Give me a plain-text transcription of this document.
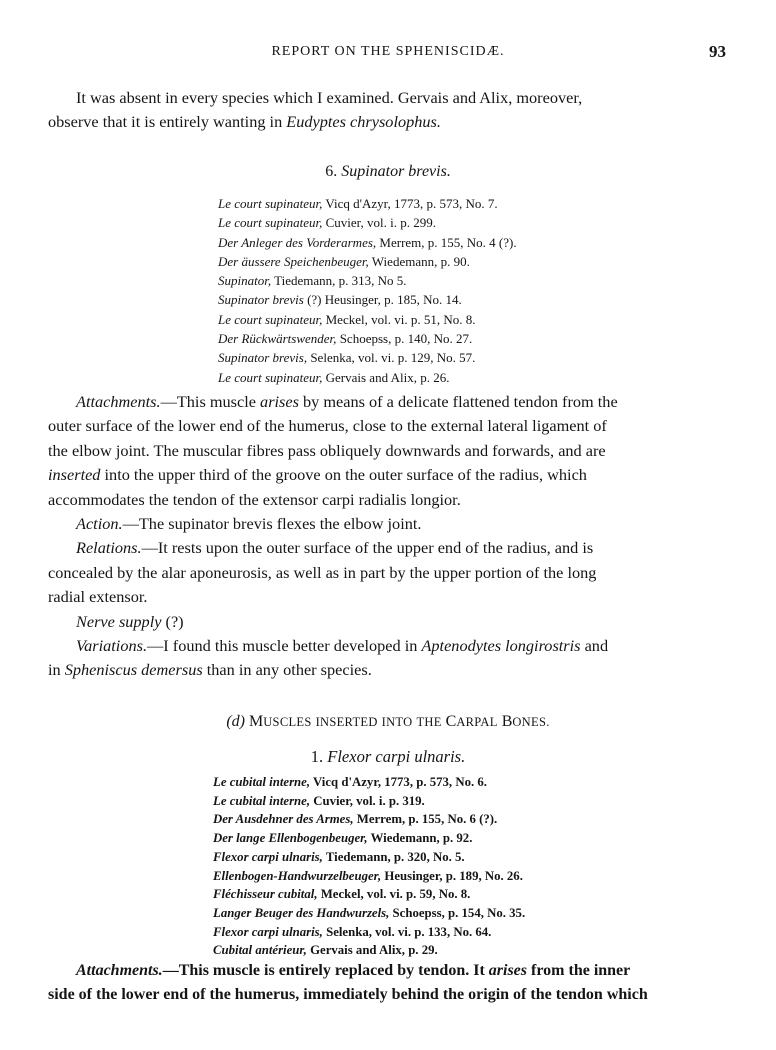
REPORT ON THE SPHENISCIDÆ.	93
It was absent in every species which I examined. Gervais and Alix, moreover,
observe that it is entirely wanting in Eudyptes chrysolophus.
6. Supinator brevis.
Le court supinateur, Vicq d'Azyr, 1773, p. 573, No. 7.
Le court supinateur, Cuvier, vol. i. p. 299.
Der Anleger des Vorderarmes, Merrem, p. 155, No. 4 (?).
Der äussere Speichenbeuger, Wiedemann, p. 90.
Supinator, Tiedemann, p. 313, No 5.
Supinator brevis (?) Heusinger, p. 185, No. 14.
Le court supinateur, Meckel, vol. vi. p. 51, No. 8.
Der Rückwärtswender, Schoepss, p. 140, No. 27.
Supinator brevis, Selenka, vol. vi. p. 129, No. 57.
Le court supinateur, Gervais and Alix, p. 26.
Attachments.—This muscle arises by means of a delicate flattened tendon from the
outer surface of the lower end of the humerus, close to the external lateral ligament of
the elbow joint. The muscular fibres pass obliquely downwards and forwards, and are
inserted into the upper third of the groove on the outer surface of the radius, which
accommodates the tendon of the extensor carpi radialis longior.
Action.—The supinator brevis flexes the elbow joint.
Relations.—It rests upon the outer surface of the upper end of the radius, and is
concealed by the alar aponeurosis, as well as in part by the upper portion of the long
radial extensor.
Nerve supply (?)
Variations.—I found this muscle better developed in Aptenodytes longirostris and
in Spheniscus demersus than in any other species.
(d) MUSCLES INSERTED INTO THE CARPAL BONES.
1. Flexor carpi ulnaris.
Le cubital interne, Vicq d'Azyr, 1773, p. 573, No. 6.
Le cubital interne, Cuvier, vol. i. p. 319.
Der Ausdehner des Armes, Merrem, p. 155, No. 6 (?).
Der lange Ellenbogenbeuger, Wiedemann, p. 92.
Flexor carpi ulnaris, Tiedemann, p. 320, No. 5.
Ellenbogen-Handwurzelbeuger, Heusinger, p. 189, No. 26.
Fléchisseur cubital, Meckel, vol. vi. p. 59, No. 8.
Langer Beuger des Handwurzels, Schoepss, p. 154, No. 35.
Flexor carpi ulnaris, Selenka, vol. vi. p. 133, No. 64.
Cubital antérieur, Gervais and Alix, p. 29.
Attachments.—This muscle is entirely replaced by tendon. It arises from the inner
side of the lower end of the humerus, immediately behind the origin of the tendon which
